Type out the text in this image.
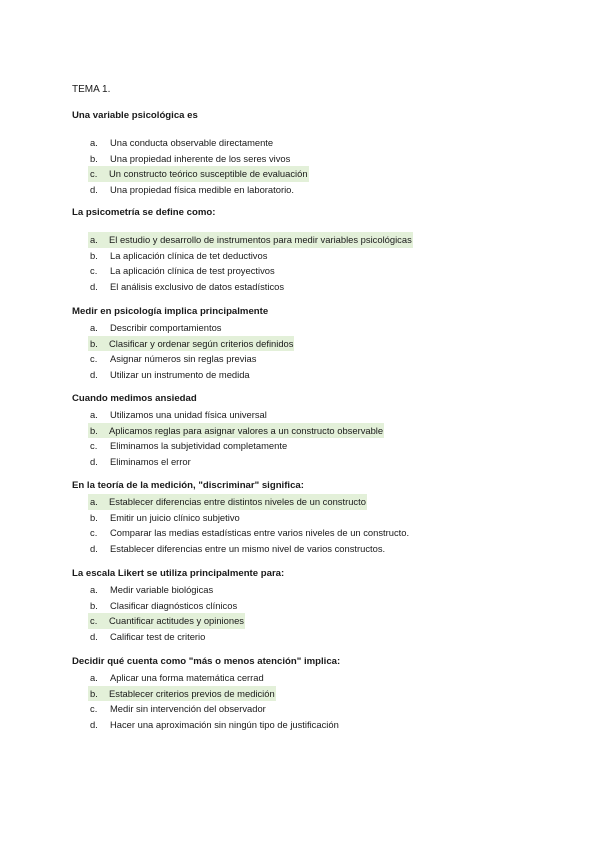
TEMA 1.
Una variable psicológica es
a.	Una conducta observable directamente
b.	Una propiedad inherente de los seres vivos
c.	Un constructo teórico susceptible de evaluación
d.	Una propiedad física medible en laboratorio.
La psicometría se define como:
a.	El estudio y desarrollo de instrumentos para medir variables psicológicas
b.	La aplicación clínica de tet deductivos
c.	La aplicación clínica de test proyectivos
d.	El análisis exclusivo de datos estadísticos
Medir en psicología implica principalmente
a.	Describir comportamientos
b.	Clasificar y ordenar según criterios definidos
c.	Asignar números sin reglas previas
d.	Utilizar un instrumento de medida
Cuando medimos ansiedad
a.	Utilizamos una unidad física universal
b.	Aplicamos reglas para asignar valores a un constructo observable
c.	Eliminamos la subjetividad completamente
d.	Eliminamos el error
En la teoría de la medición, "discriminar" significa:
a.	Establecer diferencias entre distintos niveles de un constructo
b.	Emitir un juicio clínico subjetivo
c.	Comparar las medias estadísticas entre varios niveles de un constructo.
d.	Establecer diferencias entre un mismo nivel de varios constructos.
La escala Likert se utiliza principalmente para:
a.	Medir variable biológicas
b.	Clasificar diagnósticos clínicos
c.	Cuantificar actitudes y opiniones
d.	Calificar test de criterio
Decidir qué cuenta como "más o menos atención" implica:
a.	Aplicar una forma matemática cerrad
b.	Establecer criterios previos de medición
c.	Medir sin intervención del observador
d.	Hacer una aproximación sin ningún tipo de justificación
